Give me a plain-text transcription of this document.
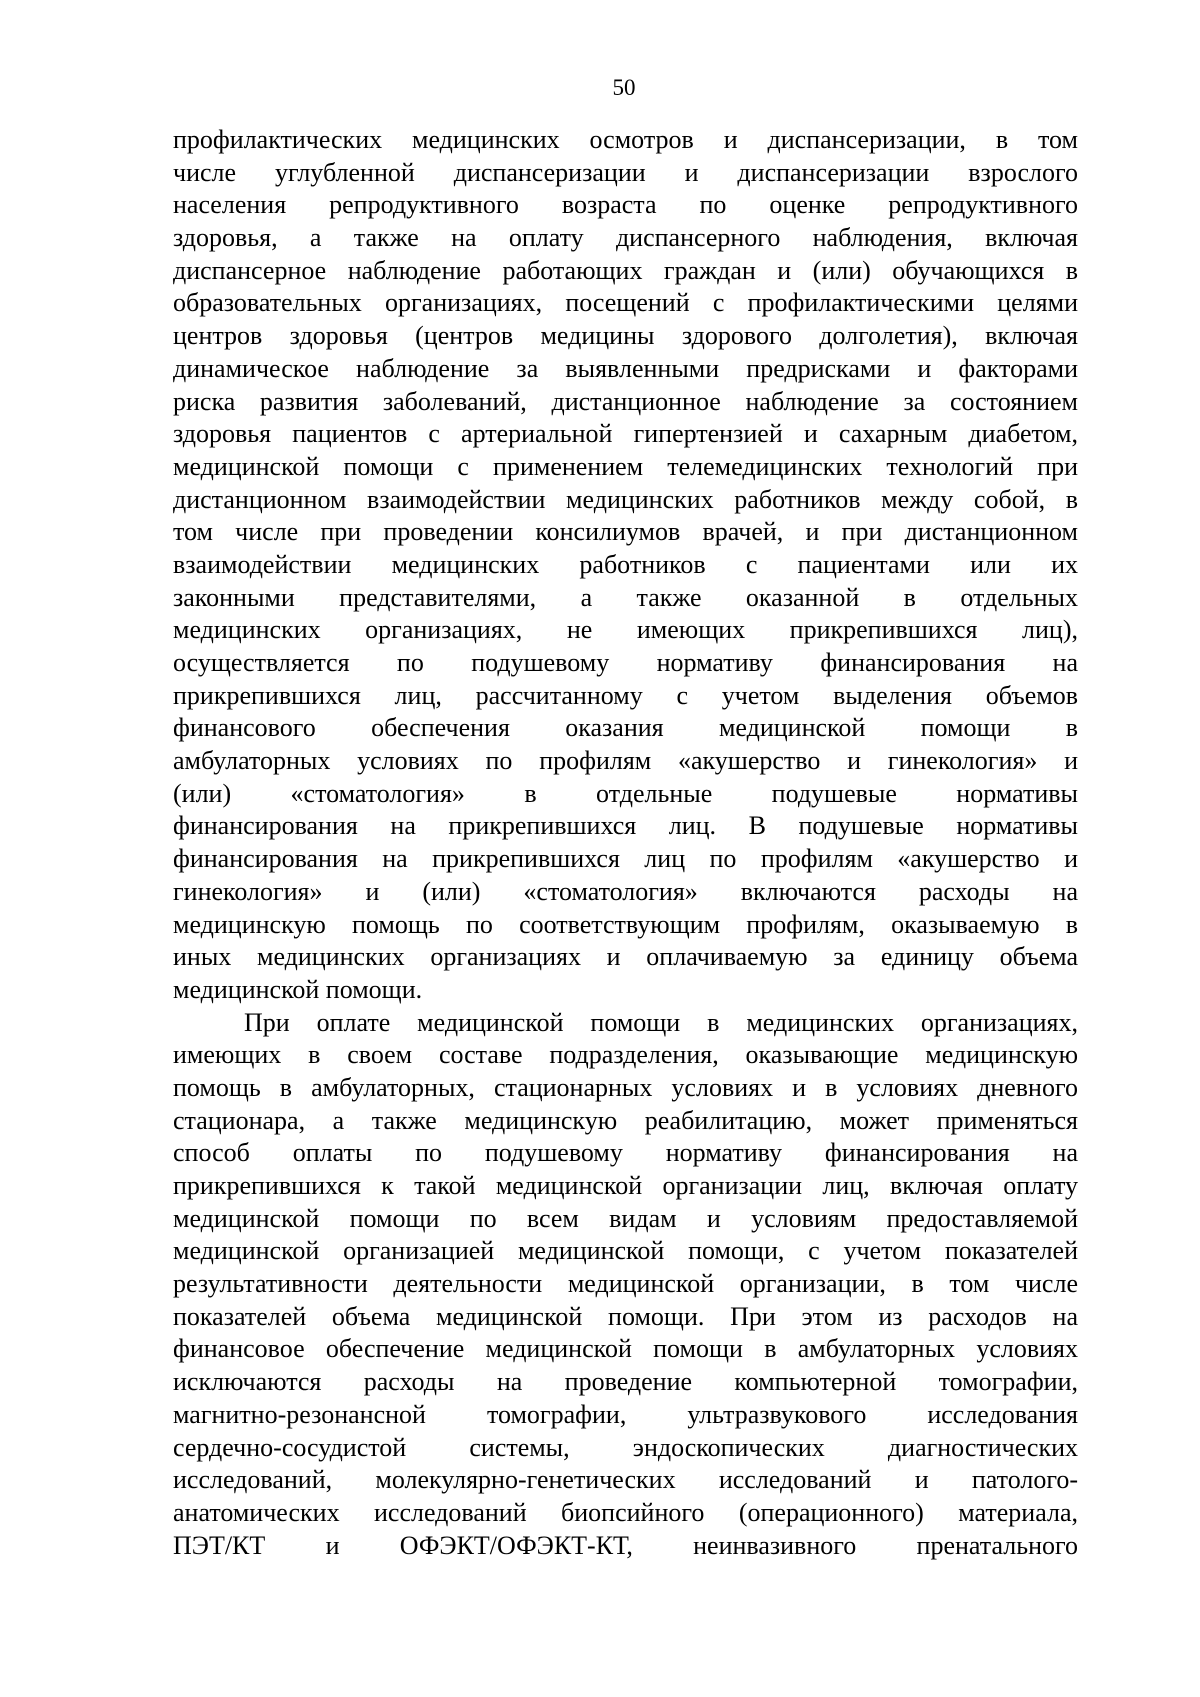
50

профилактических медицинских осмотров и диспансеризации, в том
числе углубленной диспансеризации и диспансеризации взрослого
населения репродуктивного возраста по оценке репродуктивного
здоровья, а также на оплату диспансерного наблюдения, включая
диспансерное наблюдение работающих граждан и (или) обучающихся в
образовательных организациях, посещений с профилактическими целями
центров здоровья (центров медицины здорового долголетия), включая
динамическое наблюдение за выявленными предрисками и факторами
риска развития заболеваний, дистанционное наблюдение за состоянием
здоровья пациентов с артериальной гипертензией и сахарным диабетом,
медицинской помощи с применением телемедицинских технологий при
дистанционном взаимодействии медицинских работников между собой, в
том числе при проведении консилиумов врачей, и при дистанционном
взаимодействии медицинских работников с пациентами или их
законными представителями, а также оказанной в отдельных
медицинских организациях, не имеющих прикрепившихся лиц),
осуществляется по подушевому нормативу финансирования на
прикрепившихся лиц, рассчитанному с учетом выделения объемов
финансового обеспечения оказания медицинской помощи в
амбулаторных условиях по профилям «акушерство и гинекология» и
(или) «стоматология» в отдельные подушевые нормативы
финансирования на прикрепившихся лиц. В подушевые нормативы
финансирования на прикрепившихся лиц по профилям «акушерство и
гинекология» и (или) «стоматология» включаются расходы на
медицинскую помощь по соответствующим профилям, оказываемую в
иных медицинских организациях и оплачиваемую за единицу объема
медицинской помощи.

При оплате медицинской помощи в медицинских организациях,
имеющих в своем составе подразделения, оказывающие медицинскую
помощь в амбулаторных, стационарных условиях и в условиях дневного
стационара, а также медицинскую реабилитацию, может применяться
способ оплаты по подушевому нормативу финансирования на
прикрепившихся к такой медицинской организации лиц, включая оплату
медицинской помощи по всем видам и условиям предоставляемой
медицинской организацией медицинской помощи, с учетом показателей
результативности деятельности медицинской организации, в том числе
показателей объема медицинской помощи. При этом из расходов на
финансовое обеспечение медицинской помощи в амбулаторных условиях
исключаются расходы на проведение компьютерной томографии,
магнитно-резонансной томографии, ультразвукового исследования
сердечно-сосудистой системы, эндоскопических диагностических
исследований, молекулярно-генетических исследований и патолого-
анатомических исследований биопсийного (операционного) материала,
ПЭТ/КТ и ОФЭКТ/ОФЭКТ-КТ, неинвазивного пренатального
